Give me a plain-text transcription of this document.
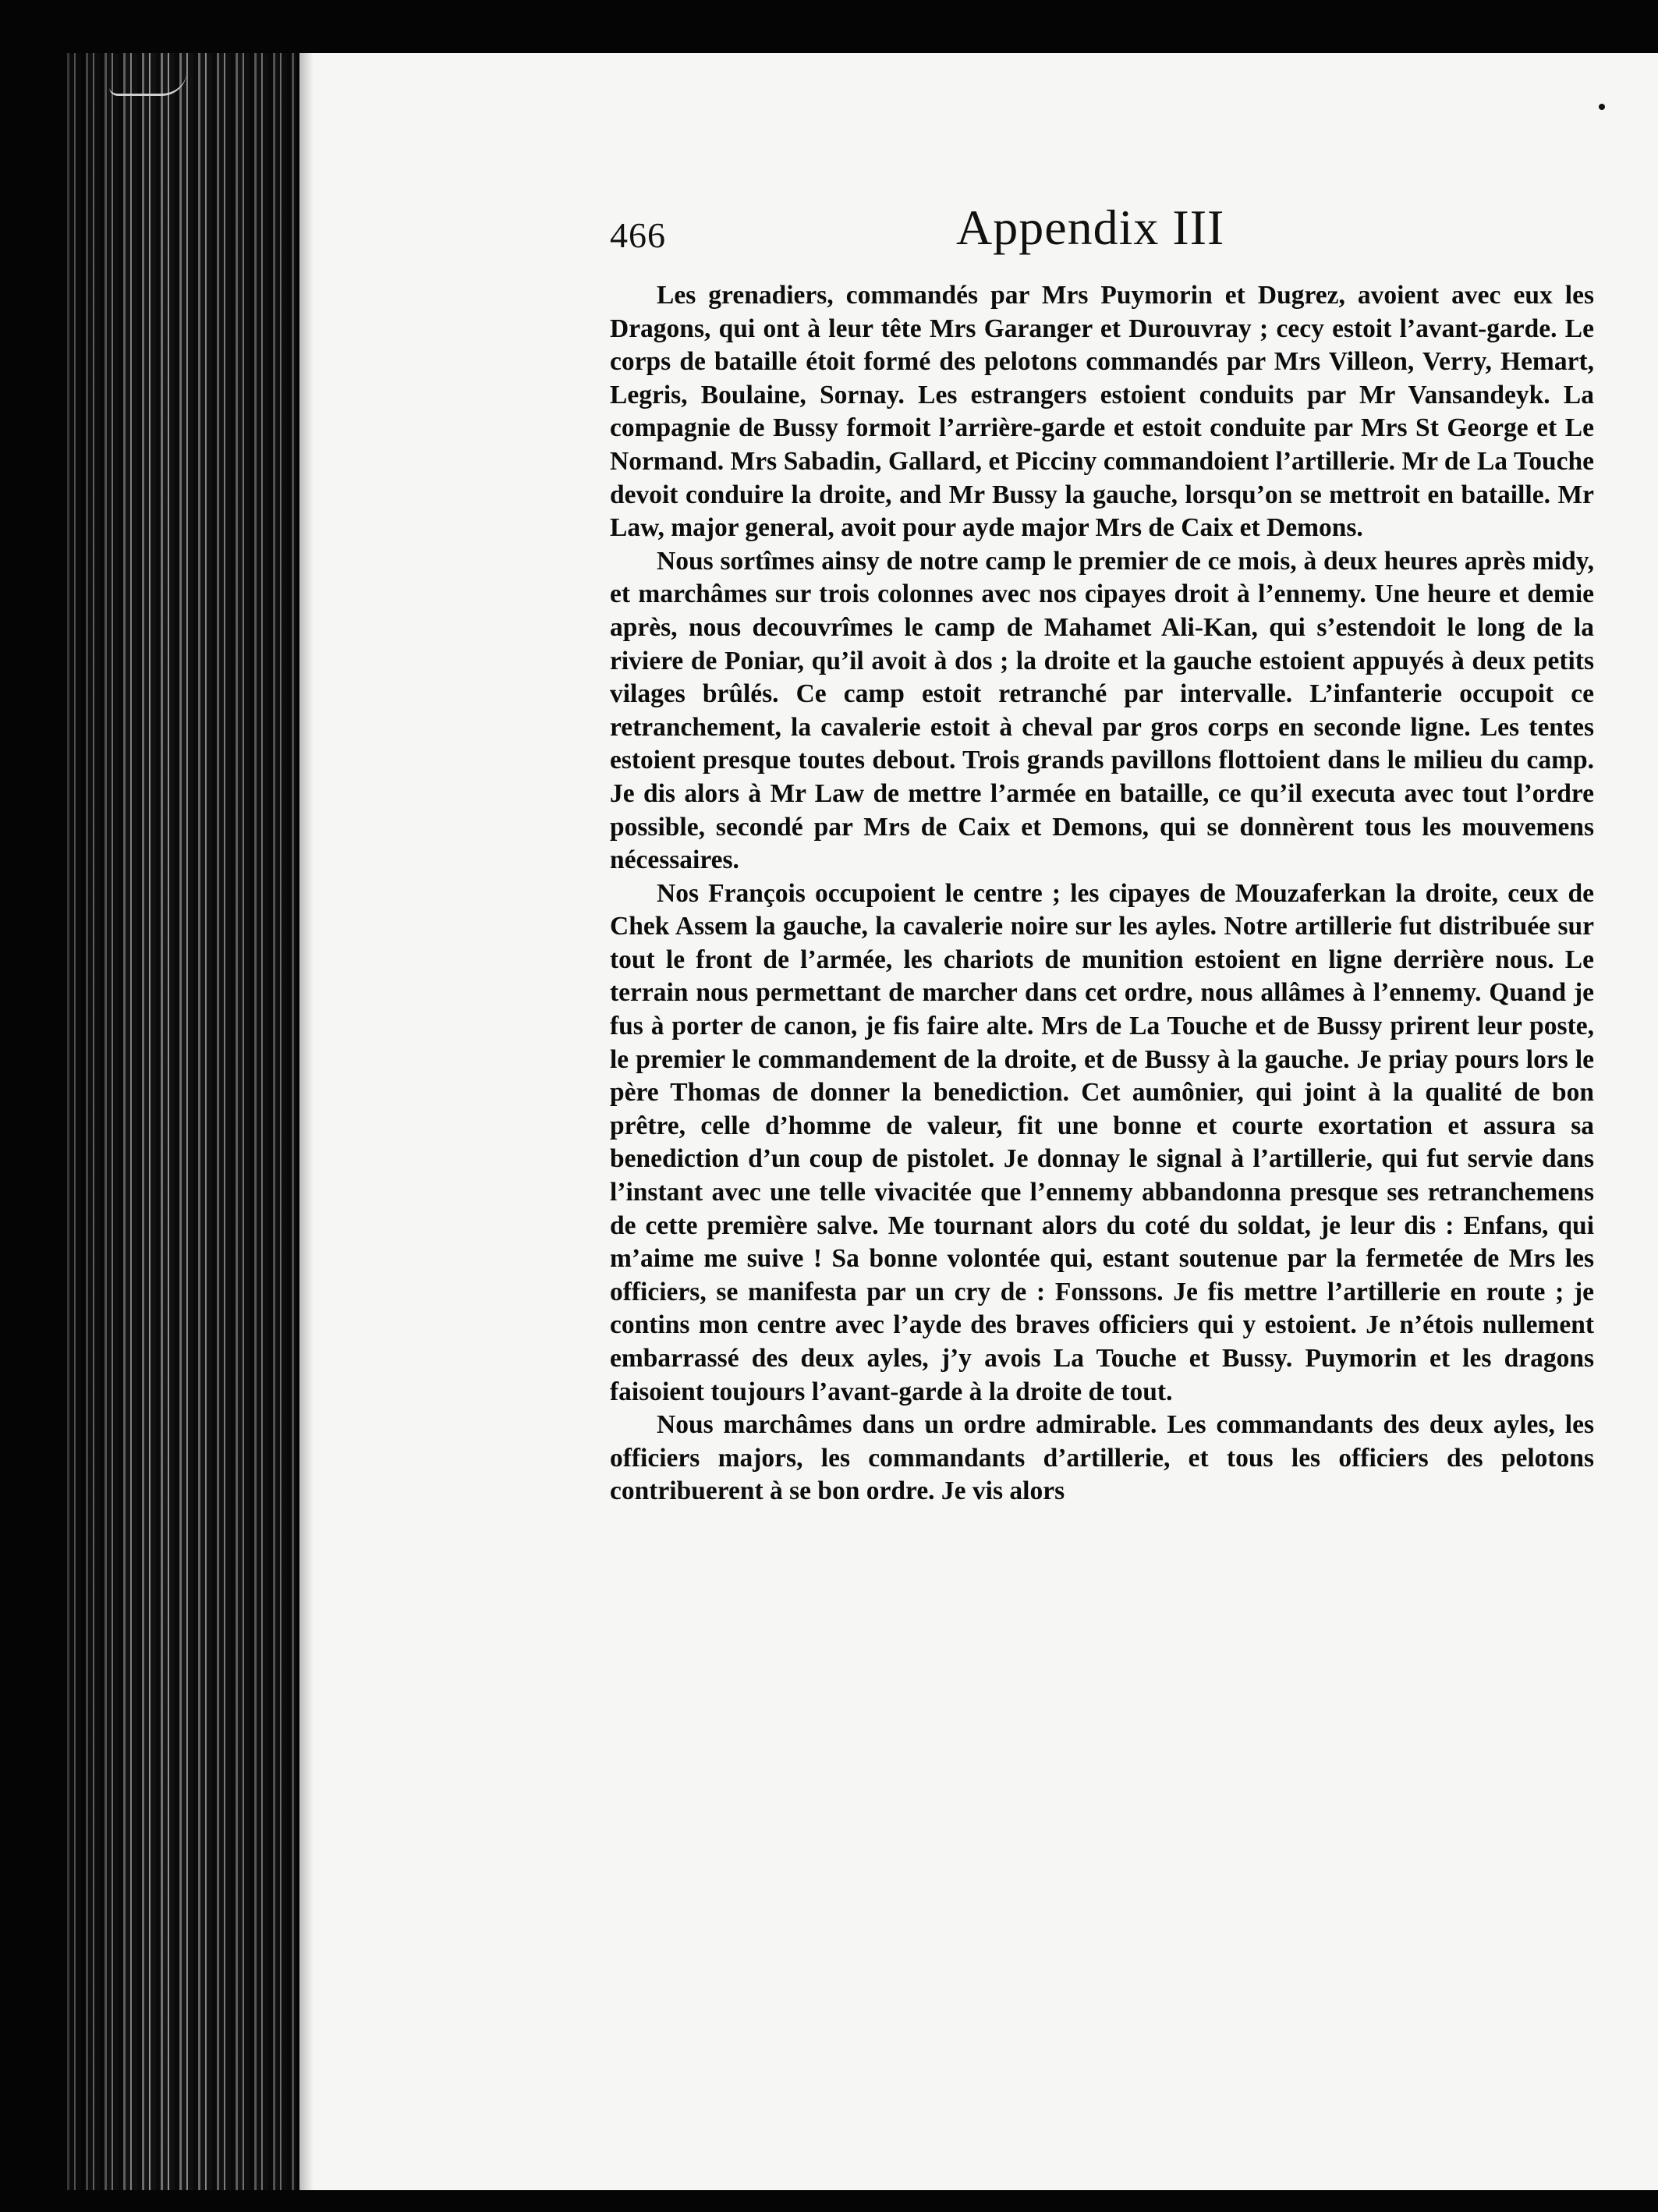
466	Appendix III

Les grenadiers, commandés par Mrs Puymorin et Dugrez, avoient avec eux les Dragons, qui ont à leur tête Mrs Garanger et Durouvray ; cecy estoit l’avant-garde. Le corps de bataille étoit formé des pelotons commandés par Mrs Villeon, Verry, Hemart, Legris, Boulaine, Sornay. Les estrangers estoient conduits par Mr Vansandeyk. La compagnie de Bussy formoit l’arrière-garde et estoit conduite par Mrs St George et Le Normand. Mrs Sabadin, Gallard, et Picciny commandoient l’artillerie. Mr de La Touche devoit conduire la droite, and Mr Bussy la gauche, lorsqu’on se mettroit en bataille. Mr Law, major general, avoit pour ayde major Mrs de Caix et Demons.

Nous sortîmes ainsy de notre camp le premier de ce mois, à deux heures après midy, et marchâmes sur trois colonnes avec nos cipayes droit à l’ennemy. Une heure et demie après, nous decouvrîmes le camp de Mahamet Ali-Kan, qui s’estendoit le long de la riviere de Poniar, qu’il avoit à dos ; la droite et la gauche estoient appuyés à deux petits vilages brûlés. Ce camp estoit retranché par intervalle. L’infanterie occupoit ce retranchement, la cavalerie estoit à cheval par gros corps en seconde ligne. Les tentes estoient presque toutes debout. Trois grands pavillons flottoient dans le milieu du camp. Je dis alors à Mr Law de mettre l’armée en bataille, ce qu’il executa avec tout l’ordre possible, secondé par Mrs de Caix et Demons, qui se donnèrent tous les mouvemens nécessaires.

Nos François occupoient le centre ; les cipayes de Mouzaferkan la droite, ceux de Chek Assem la gauche, la cavalerie noire sur les ayles. Notre artillerie fut distribuée sur tout le front de l’armée, les chariots de munition estoient en ligne derrière nous. Le terrain nous permettant de marcher dans cet ordre, nous allâmes à l’ennemy. Quand je fus à porter de canon, je fis faire alte. Mrs de La Touche et de Bussy prirent leur poste, le premier le commandement de la droite, et de Bussy à la gauche. Je priay pours lors le père Thomas de donner la benediction. Cet aumônier, qui joint à la qualité de bon prêtre, celle d’homme de valeur, fit une bonne et courte exortation et assura sa benediction d’un coup de pistolet. Je donnay le signal à l’artillerie, qui fut servie dans l’instant avec une telle vivacitée que l’ennemy abbandonna presque ses retranchemens de cette première salve. Me tournant alors du coté du soldat, je leur dis : Enfans, qui m’aime me suive ! Sa bonne volontée qui, estant soutenue par la fermetée de Mrs les officiers, se manifesta par un cry de : Fonssons. Je fis mettre l’artillerie en route ; je contins mon centre avec l’ayde des braves officiers qui y estoient. Je n’étois nullement embarrassé des deux ayles, j’y avois La Touche et Bussy. Puymorin et les dragons faisoient toujours l’avant-garde à la droite de tout.

Nous marchâmes dans un ordre admirable. Les commandants des deux ayles, les officiers majors, les commandants d’artillerie, et tous les officiers des pelotons contribuerent à se bon ordre. Je vis alors
